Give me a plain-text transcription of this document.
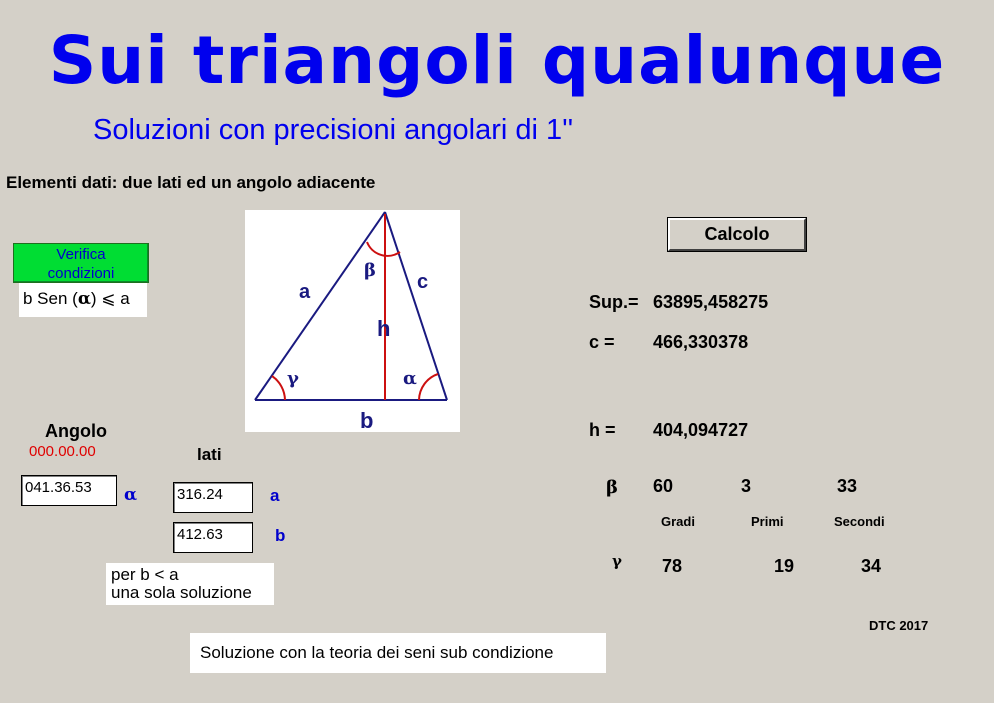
Sui triangoli qualunque
Soluzioni con precisioni angolari di 1''
Elementi dati: due lati ed un angolo adiacente
Verifica
condizioni
b Sen (α) ⩽ a	a	c
h
b
β
γ	α
Angolo
000.00.00	lati
041.36.53	α	316.24	a
412.63	b
per b < a
una sola soluzione
Soluzione con la teoria dei seni sub condizione
Calcolo
Sup.= 63895,458275
c = 466,330378
h = 404,094727
β 60	3	33
Gradi	Primi	Secondi
γ 78	19	34
DTC 2017
